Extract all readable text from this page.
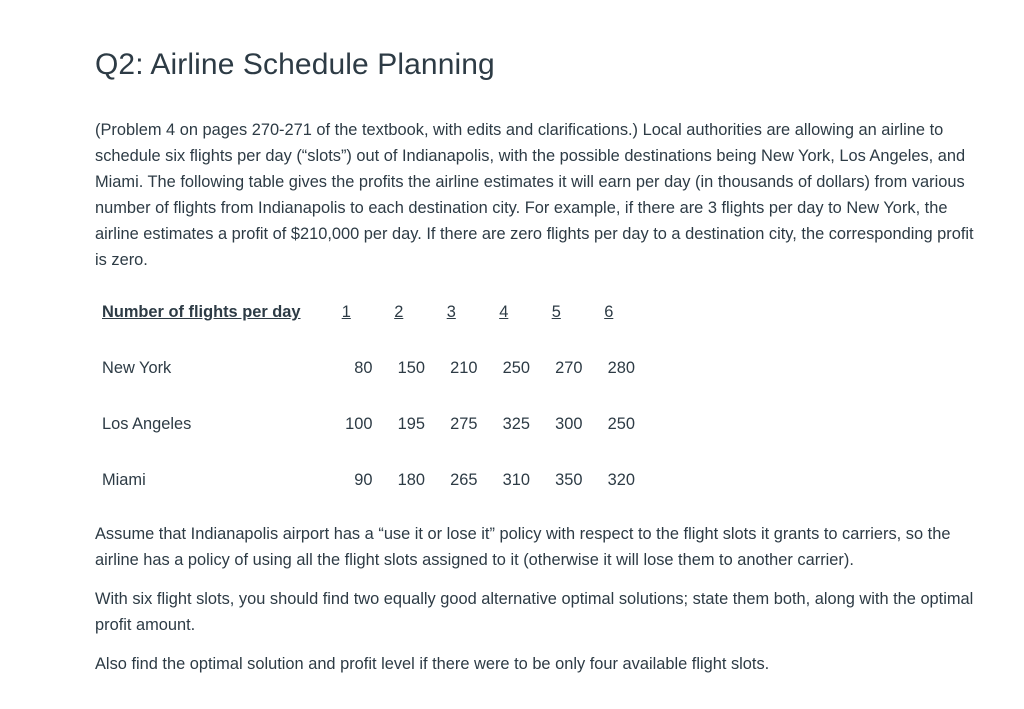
Q2: Airline Schedule Planning

(Problem 4 on pages 270-271 of the textbook, with edits and clarifications.) Local authorities are allowing an airline to schedule six flights per day (“slots”) out of Indianapolis, with the possible destinations being New York, Los Angeles, and Miami. The following table gives the profits the airline estimates it will earn per day (in thousands of dollars) from various number of flights from Indianapolis to each destination city. For example, if there are 3 flights per day to New York, the airline estimates a profit of $210,000 per day. If there are zero flights per day to a destination city, the corresponding profit is zero.

Number of flights per day	1	2	3	4	5	6
New York	80	150	210	250	270	280
Los Angeles	100	195	275	325	300	250
Miami	90	180	265	310	350	320

Assume that Indianapolis airport has a “use it or lose it” policy with respect to the flight slots it grants to carriers, so the airline has a policy of using all the flight slots assigned to it (otherwise it will lose them to another carrier).

With six flight slots, you should find two equally good alternative optimal solutions; state them both, along with the optimal profit amount.

Also find the optimal solution and profit level if there were to be only four available flight slots.
